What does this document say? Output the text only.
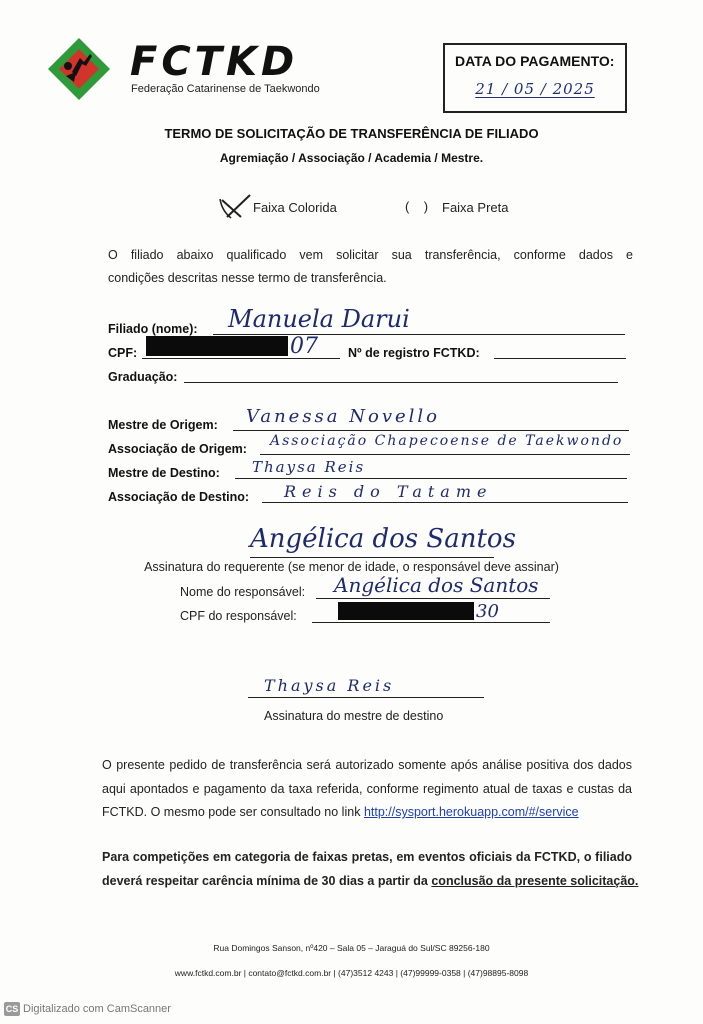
FCTKD
Federação Catarinense de Taekwondo
DATA DO PAGAMENTO:
21 / 05 / 2025
TERMO DE SOLICITAÇÃO DE TRANSFERÊNCIA DE FILIADO
Agremiação / Associação / Academia / Mestre.
Faixa Colorida	(    ) Faixa Preta
O filiado abaixo qualificado vem solicitar sua transferência, conforme dados e
condições descritas nesse termo de transferência.
Filiado (nome): Manuela Darui
CPF:	07 Nº de registro FCTKD:
Graduação:
Mestre de Origem: Vanessa Novello
Associação de Origem: Associação Chapecoense de Taekwondo
Mestre de Destino: Thaysa Reis
Associação de Destino: Reis do Tatame
Angélica dos Santos
Assinatura do requerente (se menor de idade, o responsável deve assinar)
Nome do responsável: Angélica dos Santos
CPF do responsável:	30
Thaysa Reis
Assinatura do mestre de destino
O presente pedido de transferência será autorizado somente após análise positiva dos dados
aqui apontados e pagamento da taxa referida, conforme regimento atual de taxas e custas da
FCTKD. O mesmo pode ser consultado no link http://sysport.herokuapp.com/#/service
Para competições em categoria de faixas pretas, em eventos oficiais da FCTKD, o filiado
deverá respeitar carência mínima de 30 dias a partir da conclusão da presente solicitação.
Rua Domingos Sanson, nº420 – Sala 05 – Jaraguá do Sul/SC 89256-180
www.fctkd.com.br | contato@fctkd.com.br | (47)3512 4243 | (47)99999-0358 | (47)98895-8098
CS Digitalizado com CamScanner
